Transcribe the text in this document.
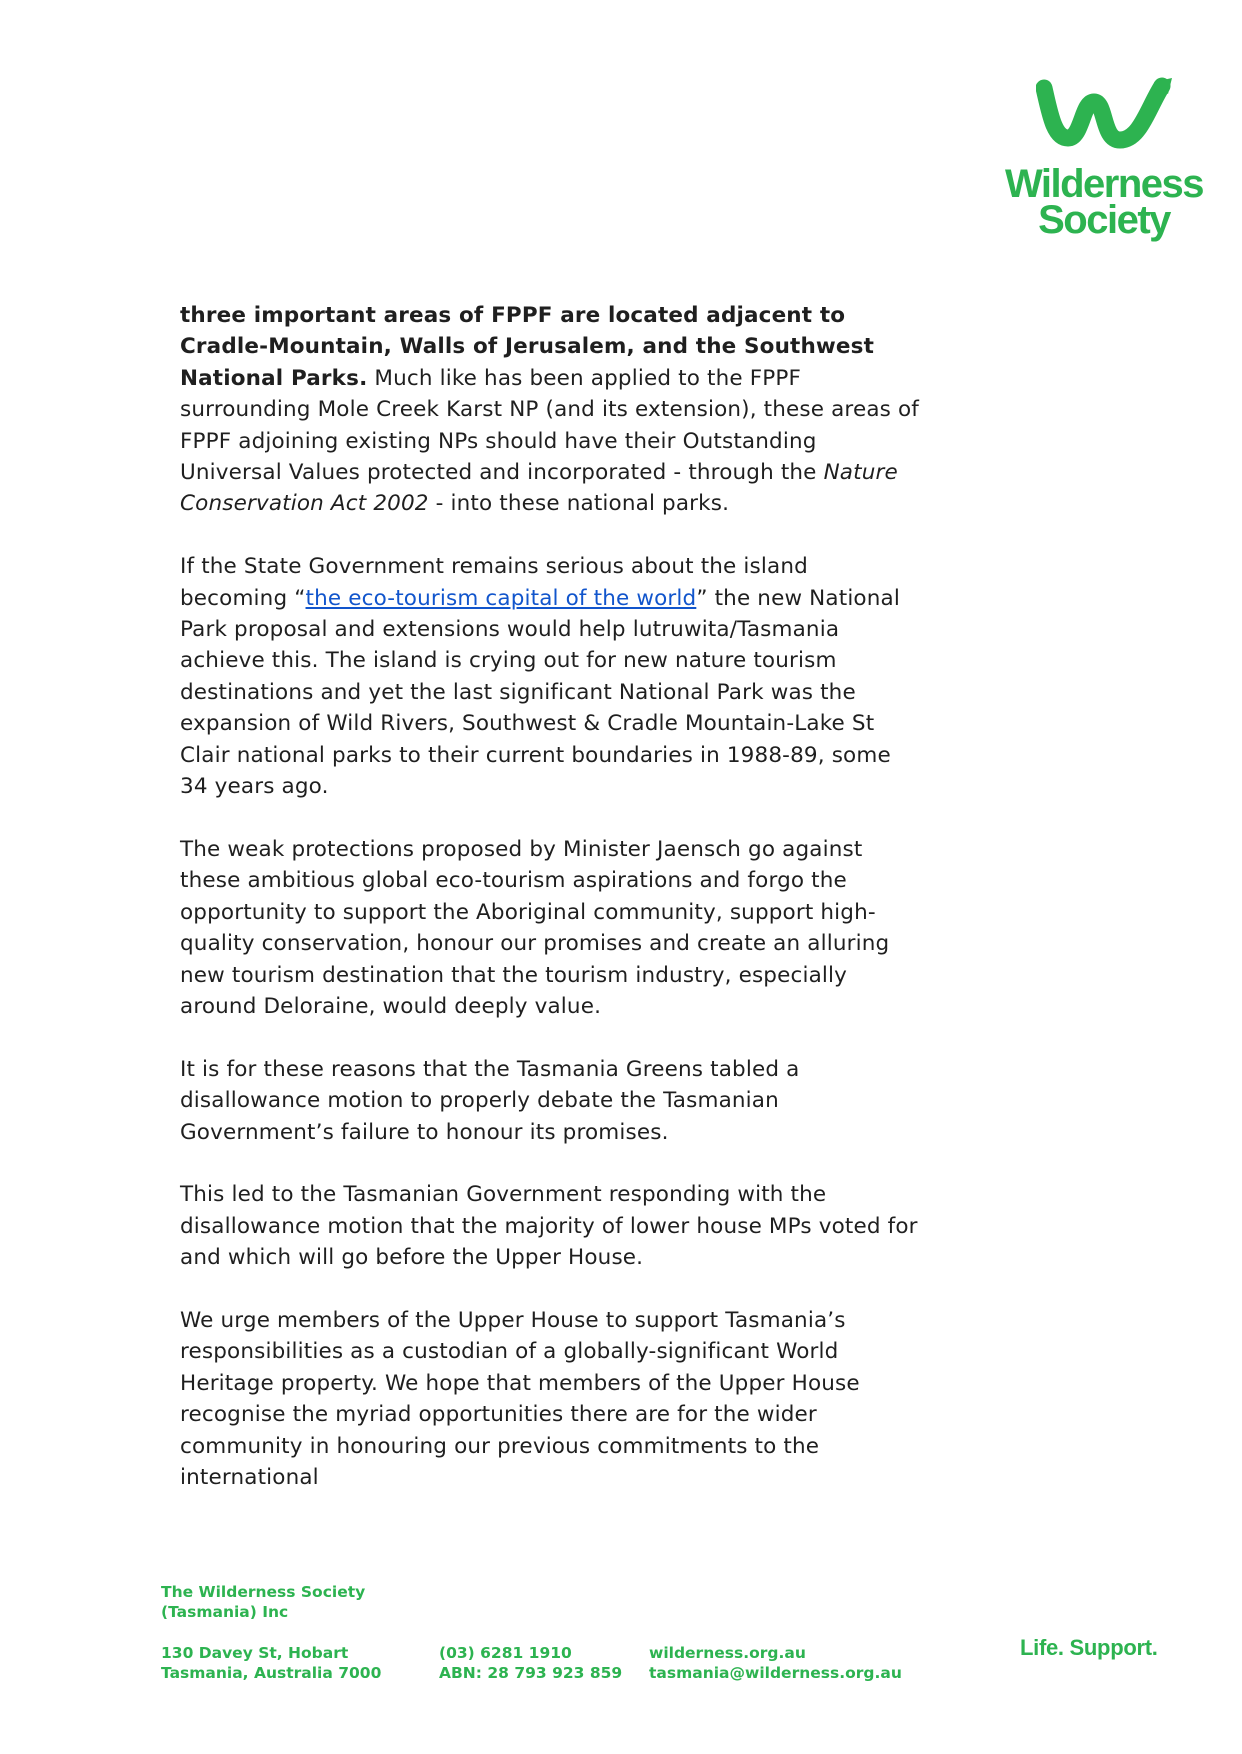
Wilderness
Society

three important areas of FPPF are located adjacent to Cradle-Mountain, Walls of Jerusalem, and the Southwest National Parks. Much like has been applied to the FPPF surrounding Mole Creek Karst NP (and its extension), these areas of FPPF adjoining existing NPs should have their Outstanding Universal Values protected and incorporated - through the Nature Conservation Act 2002 - into these national parks.

If the State Government remains serious about the island becoming “the eco-tourism capital of the world” the new National Park proposal and extensions would help lutruwita/Tasmania achieve this. The island is crying out for new nature tourism destinations and yet the last significant National Park was the expansion of Wild Rivers, Southwest & Cradle Mountain-Lake St Clair national parks to their current boundaries in 1988-89, some 34 years ago.

The weak protections proposed by Minister Jaensch go against these ambitious global eco-tourism aspirations and forgo the opportunity to support the Aboriginal community, support high-quality conservation, honour our promises and create an alluring new tourism destination that the tourism industry, especially around Deloraine, would deeply value.

It is for these reasons that the Tasmania Greens tabled a disallowance motion to properly debate the Tasmanian Government’s failure to honour its promises.

This led to the Tasmanian Government responding with the disallowance motion that the majority of lower house MPs voted for and which will go before the Upper House.

We urge members of the Upper House to support Tasmania’s responsibilities as a custodian of a globally-significant World Heritage property. We hope that members of the Upper House recognise the myriad opportunities there are for the wider community in honouring our previous commitments to the international

The Wilderness Society
(Tasmania) Inc
130 Davey St, Hobart
Tasmania, Australia 7000
(03) 6281 1910
ABN: 28 793 923 859
wilderness.org.au
tasmania@wilderness.org.au
Life. Support.
